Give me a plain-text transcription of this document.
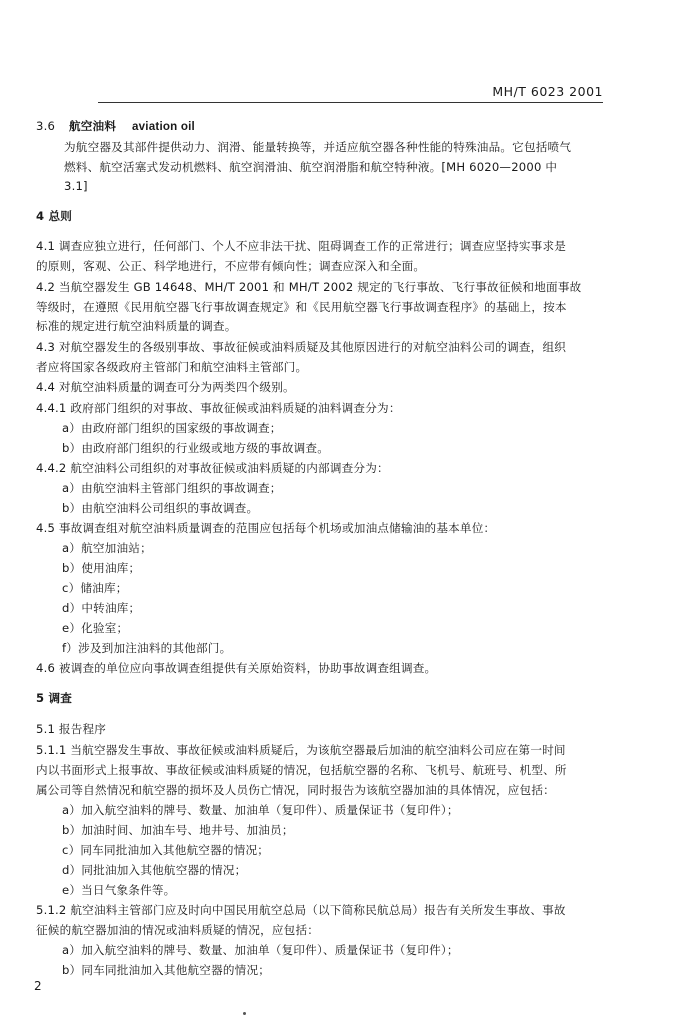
MH/T 6023 2001
3.6 航空油料 aviation oil
为航空器及其部件提供动力、润滑、能量转换等，并适应航空器各种性能的特殊油品。它包括喷气
燃料、航空活塞式发动机燃料、航空润滑油、航空润滑脂和航空特种液。[MH 6020—2000 中
3.1]
4 总则
4.1 调查应独立进行，任何部门、个人不应非法干扰、阻碍调查工作的正常进行；调查应坚持实事求是
的原则，客观、公正、科学地进行，不应带有倾向性；调查应深入和全面。
4.2 当航空器发生 GB 14648、MH/T 2001 和 MH/T 2002 规定的飞行事故、飞行事故征候和地面事故
等级时，在遵照《民用航空器飞行事故调查规定》和《民用航空器飞行事故调查程序》的基础上，按本
标准的规定进行航空油料质量的调查。
4.3 对航空器发生的各级别事故、事故征候或油料质疑及其他原因进行的对航空油料公司的调查，组织
者应将国家各级政府主管部门和航空油料主管部门。
4.4 对航空油料质量的调查可分为两类四个级别。
4.4.1 政府部门组织的对事故、事故征候或油料质疑的油料调查分为：
a）由政府部门组织的国家级的事故调查；
b）由政府部门组织的行业级或地方级的事故调查。
4.4.2 航空油料公司组织的对事故征候或油料质疑的内部调查分为：
a）由航空油料主管部门组织的事故调查；
b）由航空油料公司组织的事故调查。
4.5 事故调查组对航空油料质量调查的范围应包括每个机场或加油点储输油的基本单位：
a）航空加油站；
b）使用油库；
c）储油库；
d）中转油库；
e）化验室；
f）涉及到加注油料的其他部门。
4.6 被调查的单位应向事故调查组提供有关原始资料，协助事故调查组调查。
5 调查
5.1 报告程序
5.1.1 当航空器发生事故、事故征候或油料质疑后，为该航空器最后加油的航空油料公司应在第一时间
内以书面形式上报事故、事故征候或油料质疑的情况，包括航空器的名称、飞机号、航班号、机型、所
属公司等自然情况和航空器的损坏及人员伤亡情况，同时报告为该航空器加油的具体情况，应包括：
a）加入航空油料的牌号、数量、加油单（复印件）、质量保证书（复印件）；
b）加油时间、加油车号、地井号、加油员；
c）同车同批油加入其他航空器的情况；
d）同批油加入其他航空器的情况；
e）当日气象条件等。
5.1.2 航空油料主管部门应及时向中国民用航空总局（以下简称民航总局）报告有关所发生事故、事故
征候的航空器加油的情况或油料质疑的情况，应包括：
a）加入航空油料的牌号、数量、加油单（复印件）、质量保证书（复印件）；
b）同车同批油加入其他航空器的情况；
2
